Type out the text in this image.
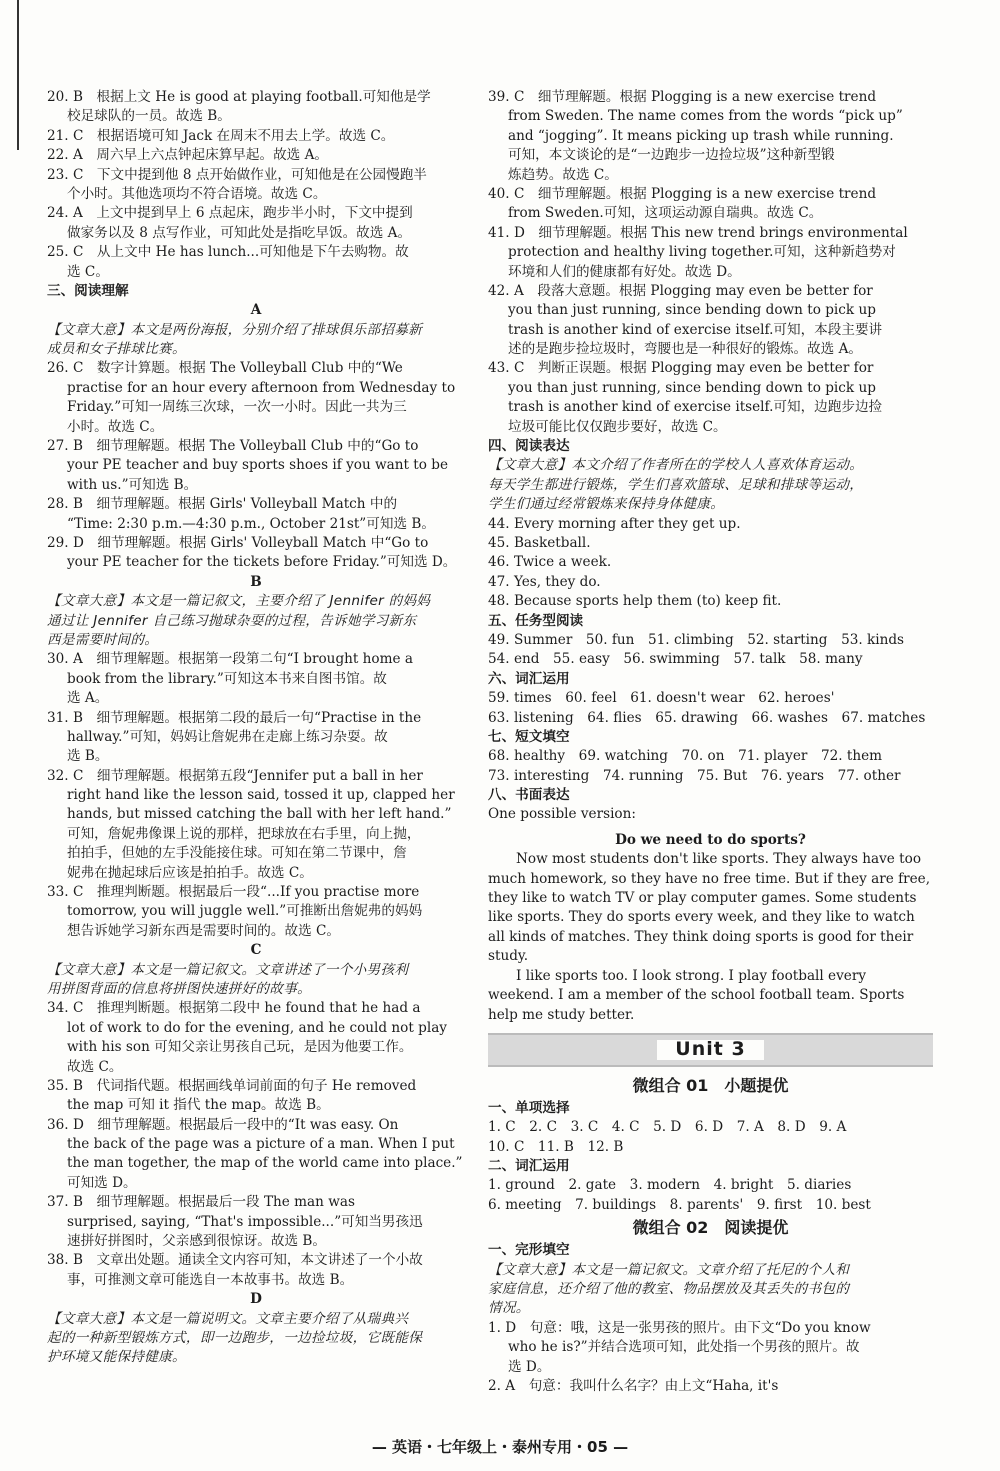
20. B　根据上文 He is good at playing football.可知他是学
校足球队的一员。故选 B。
21. C　根据语境可知 Jack 在周末不用去上学。故选 C。
22. A　周六早上六点钟起床算早起。故选 A。
23. C　下文中提到他 8 点开始做作业，可知他是在公园慢跑半
个小时。其他选项均不符合语境。故选 C。
24. A　上文中提到早上 6 点起床，跑步半小时，下文中提到
做家务以及 8 点写作业，可知此处是指吃早饭。故选 A。
25. C　从上文中 He has lunch...可知他是下午去购物。故
选 C。
三、阅读理解
A
【文章大意】本文是两份海报，分别介绍了排球俱乐部招募新
成员和女子排球比赛。
26. C　数字计算题。根据 The Volleyball Club 中的“We
practise for an hour every afternoon from Wednesday to
Friday.”可知一周练三次球，一次一小时。因此一共为三
小时。故选 C。
27. B　细节理解题。根据 The Volleyball Club 中的“Go to
your PE teacher and buy sports shoes if you want to be
with us.”可知选 B。
28. B　细节理解题。根据 Girls' Volleyball Match 中的
“Time: 2:30 p.m.—4:30 p.m., October 21st”可知选 B。
29. D　细节理解题。根据 Girls' Volleyball Match 中“Go to
your PE teacher for the tickets before Friday.”可知选 D。
B
【文章大意】本文是一篇记叙文，主要介绍了 Jennifer 的妈妈
通过让 Jennifer 自己练习抛球杂耍的过程，告诉她学习新东
西是需要时间的。
30. A　细节理解题。根据第一段第二句“I brought home a
book from the library.”可知这本书来自图书馆。故
选 A。
31. B　细节理解题。根据第二段的最后一句“Practise in the
hallway.”可知，妈妈让詹妮弗在走廊上练习杂耍。故
选 B。
32. C　细节理解题。根据第五段“Jennifer put a ball in her
right hand like the lesson said, tossed it up, clapped her
hands, but missed catching the ball with her left hand.”
可知，詹妮弗像课上说的那样，把球放在右手里，向上抛，
拍拍手，但她的左手没能接住球。可知在第二节课中，詹
妮弗在抛起球后应该是拍拍手。故选 C。
33. C　推理判断题。根据最后一段“...If you practise more
tomorrow, you will juggle well.”可推断出詹妮弗的妈妈
想告诉她学习新东西是需要时间的。故选 C。
C
【文章大意】本文是一篇记叙文。文章讲述了一个小男孩利
用拼图背面的信息将拼图快速拼好的故事。
34. C　推理判断题。根据第二段中 he found that he had a
lot of work to do for the evening, and he could not play
with his son 可知父亲让男孩自己玩，是因为他要工作。
故选 C。
35. B　代词指代题。根据画线单词前面的句子 He removed
the map 可知 it 指代 the map。故选 B。
36. D　细节理解题。根据最后一段中的“It was easy. On
the back of the page was a picture of a man. When I put
the man together, the map of the world came into place.”
可知选 D。
37. B　细节理解题。根据最后一段 The man was
surprised, saying, “That's impossible...”可知当男孩迅
速拼好拼图时，父亲感到很惊讶。故选 B。
38. B　文章出处题。通读全文内容可知，本文讲述了一个小故
事，可推测文章可能选自一本故事书。故选 B。
D
【文章大意】本文是一篇说明文。文章主要介绍了从瑞典兴
起的一种新型锻炼方式，即一边跑步，一边捡垃圾，它既能保
护环境又能保持健康。
39. C　细节理解题。根据 Plogging is a new exercise trend
from Sweden. The name comes from the words “pick up”
and “jogging”. It means picking up trash while running.
可知，本文谈论的是“一边跑步一边捡垃圾”这种新型锻
炼趋势。故选 C。
40. C　细节理解题。根据 Plogging is a new exercise trend
from Sweden.可知，这项运动源自瑞典。故选 C。
41. D　细节理解题。根据 This new trend brings environmental
protection and healthy living together.可知，这种新趋势对
环境和人们的健康都有好处。故选 D。
42. A　段落大意题。根据 Plogging may even be better for
you than just running, since bending down to pick up
trash is another kind of exercise itself.可知，本段主要讲
述的是跑步捡垃圾时，弯腰也是一种很好的锻炼。故选 A。
43. C　判断正误题。根据 Plogging may even be better for
you than just running, since bending down to pick up
trash is another kind of exercise itself.可知，边跑步边捡
垃圾可能比仅仅跑步要好，故选 C。
四、阅读表达
【文章大意】本文介绍了作者所在的学校人人喜欢体育运动。
每天学生都进行锻炼，学生们喜欢篮球、足球和排球等运动，
学生们通过经常锻炼来保持身体健康。
44. Every morning after they get up.
45. Basketball.
46. Twice a week.
47. Yes, they do.
48. Because sports help them (to) keep fit.
五、任务型阅读
49. Summer　50. fun　51. climbing　52. starting　53. kinds
54. end　55. easy　56. swimming　57. talk　58. many
六、词汇运用
59. times　60. feel　61. doesn't wear　62. heroes'
63. listening　64. flies　65. drawing　66. washes　67. matches
七、短文填空
68. healthy　69. watching　70. on　71. player　72. them
73. interesting　74. running　75. But　76. years　77. other
八、书面表达
One possible version:
Do we need to do sports?
Now most students don't like sports. They always have too much homework, so they have no free time. But if they are free, they like to watch TV or play computer games. Some students like sports. They do sports every week, and they like to watch all kinds of matches. They think doing sports is good for their study.
I like sports too. I look strong. I play football every weekend. I am a member of the school football team. Sports help me study better.
Unit 3
微组合 01　小题提优
一、单项选择
1. C　2. C　3. C　4. C　5. D　6. D　7. A　8. D　9. A
10. C　11. B　12. B
二、词汇运用
1. ground　2. gate　3. modern　4. bright　5. diaries
6. meeting　7. buildings　8. parents'　9. first　10. best
微组合 02　阅读提优
一、完形填空
【文章大意】本文是一篇记叙文。文章介绍了托尼的个人和
家庭信息，还介绍了他的教室、物品摆放及其丢失的书包的
情况。
1. D　句意：哦，这是一张男孩的照片。由下文“Do you know
who he is?”并结合选项可知，此处指一个男孩的照片。故
选 D。
2. A　句意：我叫什么名字？由上文“Haha, it's
— 英语・七年级上・泰州专用・05 —
